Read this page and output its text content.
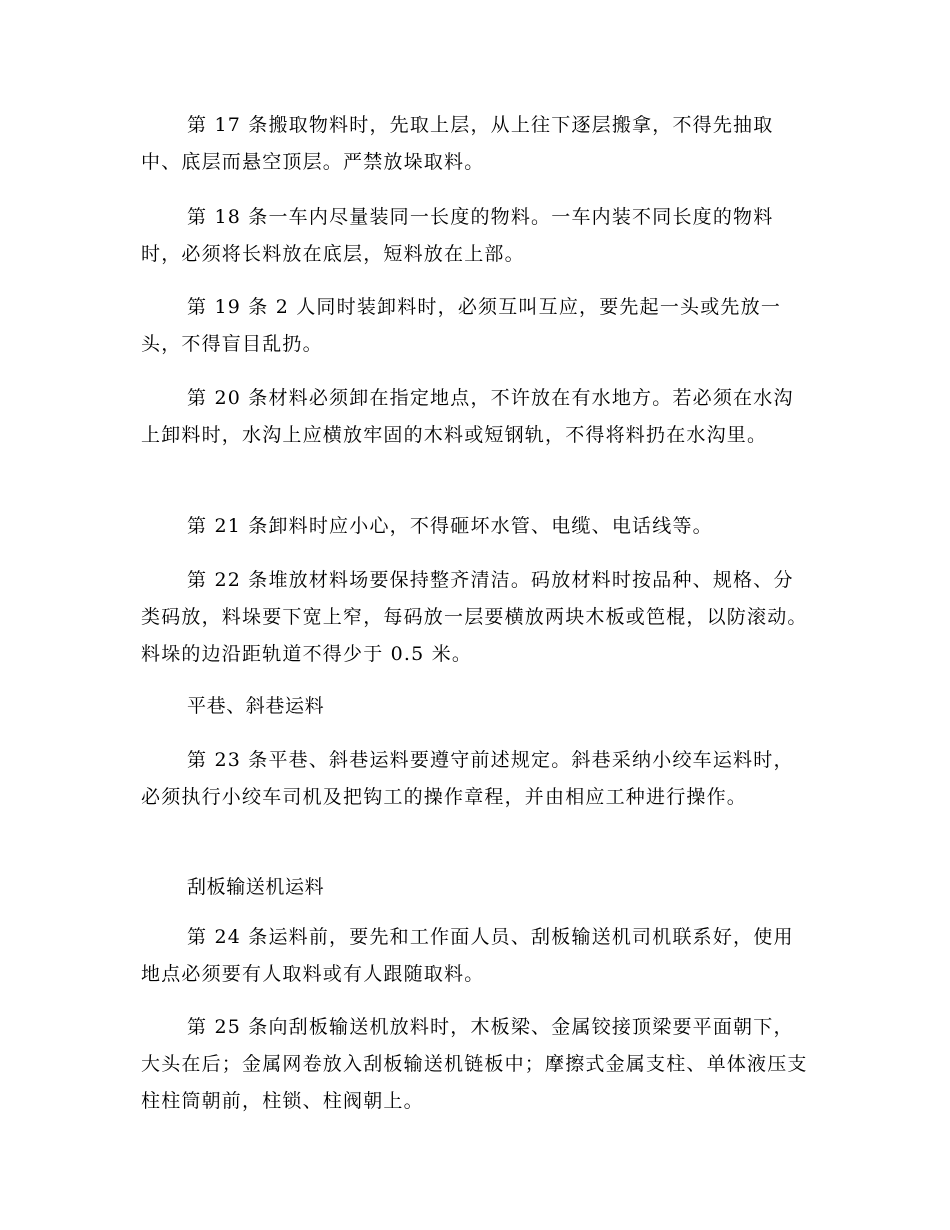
第 17 条搬取物料时，先取上层，从上往下逐层搬拿，不得先抽取中、底层而悬空顶层。严禁放垛取料。

第 18 条一车内尽量装同一长度的物料。一车内装不同长度的物料时，必须将长料放在底层，短料放在上部。

第 19 条 2 人同时装卸料时，必须互叫互应，要先起一头或先放一头，不得盲目乱扔。

第 20 条材料必须卸在指定地点，不许放在有水地方。若必须在水沟上卸料时，水沟上应横放牢固的木料或短钢轨，不得将料扔在水沟里。

第 21 条卸料时应小心，不得砸坏水管、电缆、电话线等。

第 22 条堆放材料场要保持整齐清洁。码放材料时按品种、规格、分类码放，料垛要下宽上窄，每码放一层要横放两块木板或笆棍，以防滚动。料垛的边沿距轨道不得少于 0.5 米。

平巷、斜巷运料

第 23 条平巷、斜巷运料要遵守前述规定。斜巷采纳小绞车运料时，必须执行小绞车司机及把钩工的操作章程，并由相应工种进行操作。

刮板输送机运料

第 24 条运料前，要先和工作面人员、刮板输送机司机联系好，使用地点必须要有人取料或有人跟随取料。

第 25 条向刮板输送机放料时，木板梁、金属铰接顶梁要平面朝下，大头在后；金属网卷放入刮板输送机链板中；摩擦式金属支柱、单体液压支柱柱筒朝前，柱锁、柱阀朝上。
